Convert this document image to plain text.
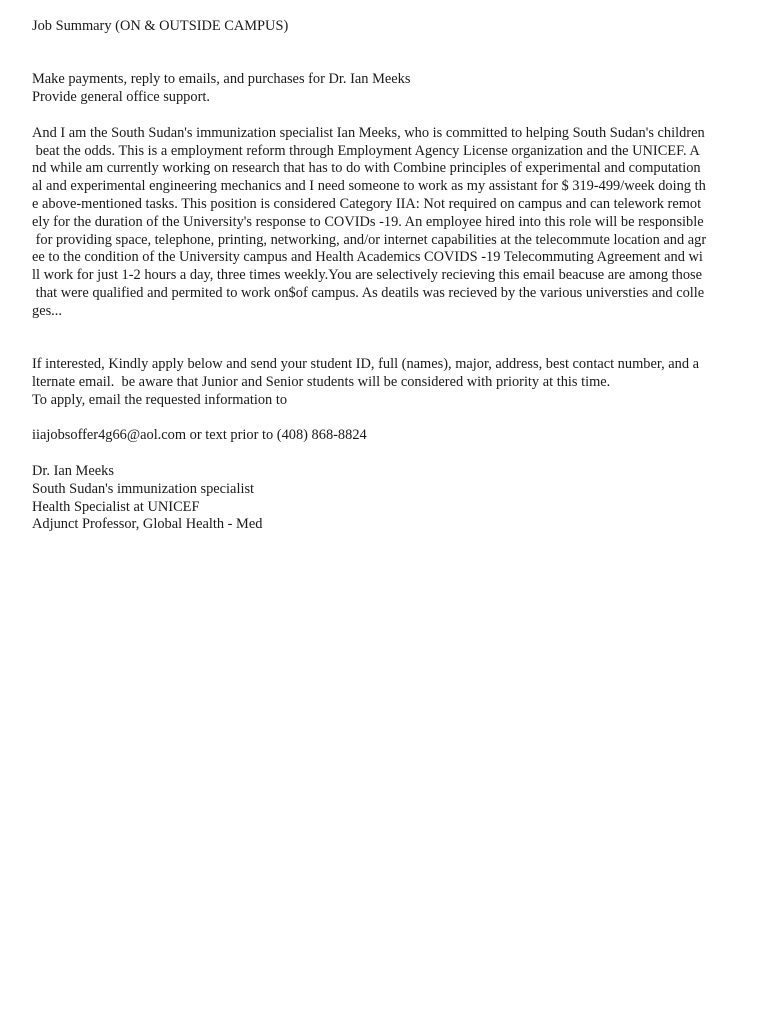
Job Summary (ON & OUTSIDE CAMPUS)
Make payments, reply to emails, and purchases for Dr. Ian Meeks
Provide general office support.
And I am the South Sudan's immunization specialist Ian Meeks, who is committed to helping South Sudan's children
beat the odds. This is a employment reform through Employment Agency License organization and the UNICEF. A
nd while am currently working on research that has to do with Combine principles of experimental and computation
al and experimental engineering mechanics and I need someone to work as my assistant for $ 319-499/week doing th
e above-mentioned tasks. This position is considered Category IIA: Not required on campus and can telework remot
ely for the duration of the University's response to COVIDs -19. An employee hired into this role will be responsible
for providing space, telephone, printing, networking, and/or internet capabilities at the telecommute location and agr
ee to the condition of the University campus and Health Academics COVIDS -19 Telecommuting Agreement and wi
ll work for just 1-2 hours a day, three times weekly.You are selectively recieving this email beacuse are among those
that were qualified and permited to work on$of campus. As deatils was recieved by the various universties and colle
ges...
If interested, Kindly apply below and send your student ID, full (names), major, address, best contact number, and a
lternate email.  be aware that Junior and Senior students will be considered with priority at this time.
To apply, email the requested information to
iiajobsoffer4g66@aol.com or text prior to (408) 868-8824
Dr. Ian Meeks
South Sudan's immunization specialist
Health Specialist at UNICEF
Adjunct Professor, Global Health - Med
